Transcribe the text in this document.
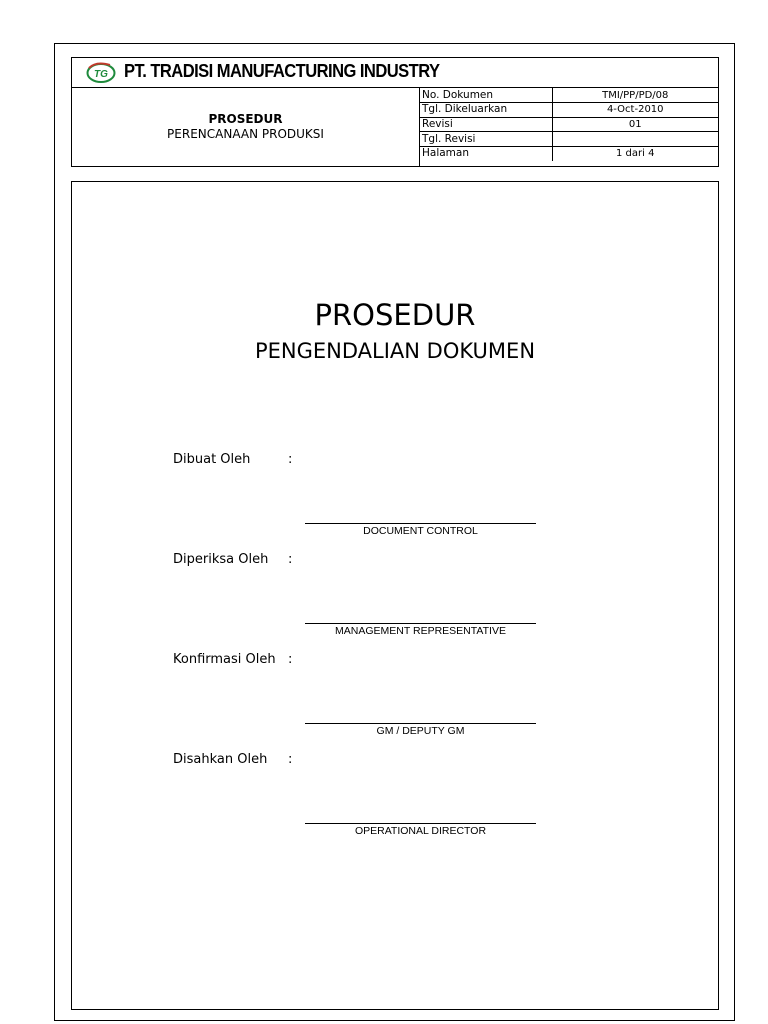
TG PT. TRADISI MANUFACTURING INDUSTRY
PROSEDUR
PERENCANAAN PRODUKSI
No. Dokumen	TMI/PP/PD/08
Tgl. Dikeluarkan	4-Oct-2010
Revisi	01
Tgl. Revisi	
Halaman	1 dari 4
PROSEDUR
PENGENDALIAN DOKUMEN
Dibuat Oleh	:
DOCUMENT CONTROL
Diperiksa Oleh :
MANAGEMENT REPRESENTATIVE
Konfirmasi Oleh :
GM / DEPUTY GM
Disahkan Oleh :
OPERATIONAL DIRECTOR
